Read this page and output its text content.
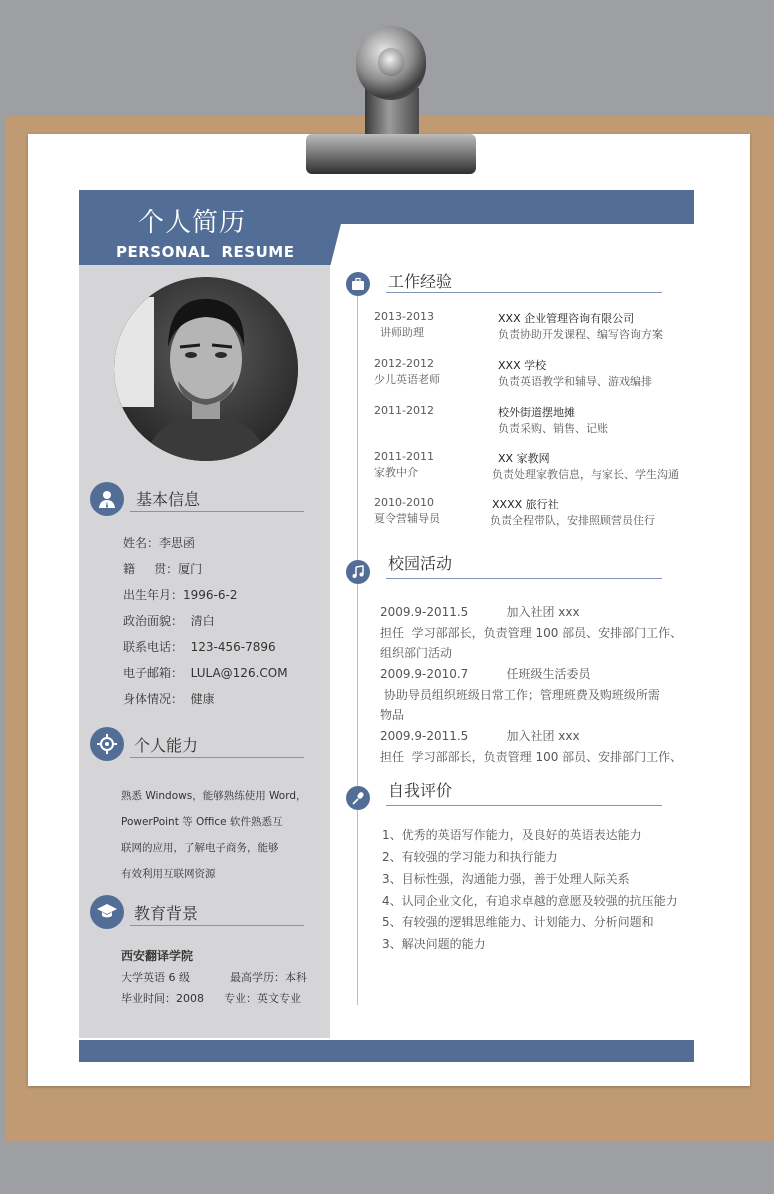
个人简历
PERSONAL  RESUME
基本信息
姓名：李思函
籍     贯：厦门
出生年月：1996-6-2
政治面貌：  清白
联系电话：  123-456-7896
电子邮箱：  LULA@126.COM
身体情况：  健康
个人能力
熟悉 Windows，能够熟练使用 Word，
PowerPoint 等 Office 软件熟悉互
联网的应用，了解电子商务，能够
有效利用互联网资源
教育背景
西安翻译学院
大学英语 6 级	最高学历：本科
毕业时间：2008 专业：英文专业
工作经验
2013-2013
讲师助理
XXX 企业管理咨询有限公司
负责协助开发课程、编写咨询方案
2012-2012
少儿英语老师
XXX 学校
负责英语教学和辅导、游戏编排
2011-2012	校外街道摆地摊
负责采购、销售、记账
2011-2011
家教中介
XX 家教网
负责处理家教信息，与家长、学生沟通
2010-2010
夏令营辅导员
XXXX 旅行社
负责全程带队，安排照顾营员住行
校园活动
2009.9-2011.5          加入社团 xxx
担任  学习部部长，负责管理 100 部员、安排部门工作、
组织部门活动
2009.9-2010.7          任班级生活委员
协助导员组织班级日常工作；管理班费及购班级所需
物品
2009.9-2011.5          加入社团 xxx
担任  学习部部长，负责管理 100 部员、安排部门工作、
自我评价
1、优秀的英语写作能力，及良好的英语表达能力
2、有较强的学习能力和执行能力
3、目标性强，沟通能力强，善于处理人际关系
4、认同企业文化，有追求卓越的意愿及较强的抗压能力
5、有较强的逻辑思维能力、计划能力、分析问题和
3、解决问题的能力
